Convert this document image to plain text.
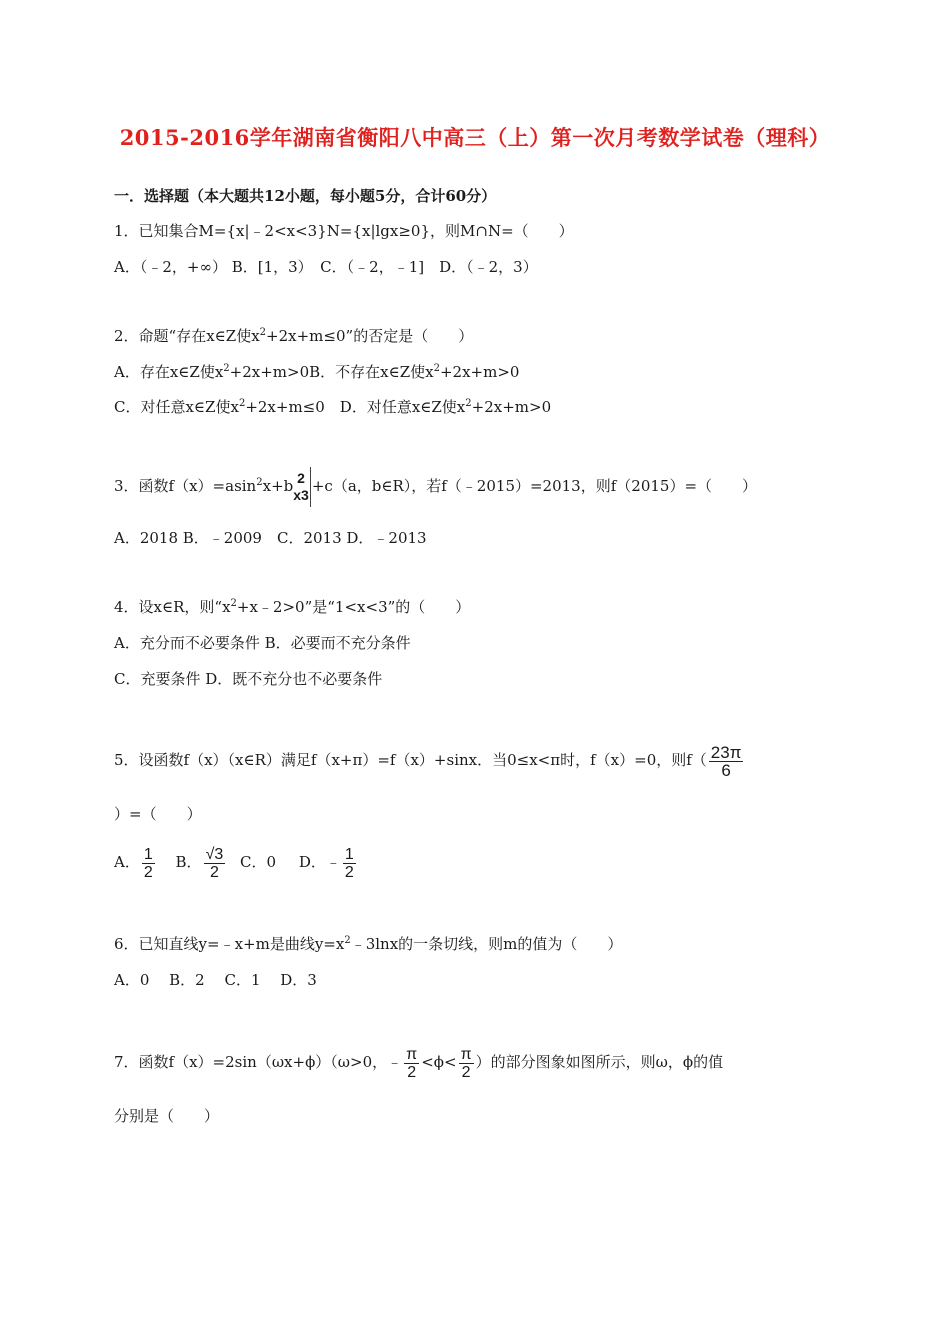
2015-2016学年湖南省衡阳八中高三（上）第一次月考数学试卷（理科）
一．选择题（本大题共12小题，每小题5分，合计60分）
1．已知集合M={x|﹣2<x<3}N={x|lgx≥0}，则M∩N=（　　）
A．（﹣2，+∞） B．[1，3）　C．（﹣2，﹣1]　D．（﹣2，3）
2．命题“存在x∈Z使$x^2+2x+m\le 0$”的否定是（　　）
A．存在x∈Z使$x^2+2x+m>0B$．不存在x∈Z使$x^2+2x+m>0$
C．对任意x∈Z使$x^2+2x+m\le 0$　D．对任意x∈Z使$x^2+2x+m>0$
3．函数f（x）=asin$^2$x+b 2
x3 +c（a，b∈R），若f（﹣2015）=2013，则f（2015）=（　　）
A．2018 B．﹣2009　C．2013 D．﹣2013
4．设x∈R，则“$x^2+x﹣2>0$”是“1<x<3”的（　　）
A．充分而不必要条件 B．必要而不充分条件
C．充要条件 D．既不充分也不必要条件
5．设函数f（x）（x∈R）满足f（x+π）=f（x）+sinx．当0≤x<π时，f（x）=0，则$f( \frac{23\pi}{6}$
）=（　　）
A． $\frac{1}{2}$ B． $\frac{√3}{2}$ C．0 D．﹣ $\frac{1}{2}$
6．已知直线y=﹣x+m是曲线$y=x^2﹣3\ln x$的一条切线，则m的值为（　　）
A．0　 B．2　 C．1　 D．3
7．函数f（x）=2sin（ωx+ϕ）（ω>0，﹣ $\frac{\pi}{2} <\phi< \frac{\pi}{2}$ ）的部分图象如图所示，则ω，ϕ的值
分别是（　　）
